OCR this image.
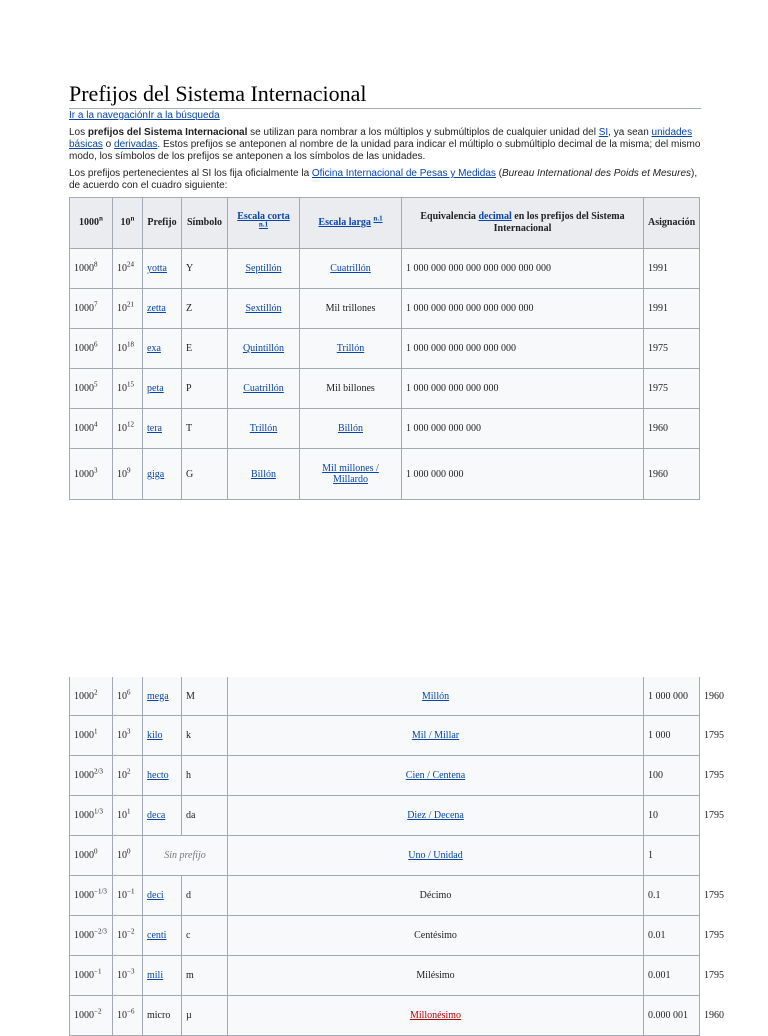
Prefijos del Sistema Internacional
Ir a la navegaciónIr a la búsqueda

Los prefijos del Sistema Internacional se utilizan para nombrar a los múltiplos y submúltiplos de cualquier unidad del SI, ya sean unidades básicas o derivadas. Estos prefijos se anteponen al nombre de la unidad para indicar el múltiplo o submúltiplo decimal de la misma; del mismo modo, los símbolos de los prefijos se anteponen a los símbolos de las unidades.

Los prefijos pertenecientes al SI los fija oficialmente la Oficina Internacional de Pesas y Medidas (Bureau International des Poids et Mesures), de acuerdo con el cuadro siguiente:

1000$^n$	10$^n$	Prefijo	Símbolo	Escala corta $^{n.1}$	Escala larga $^{n.1}$	Equivalencia decimal en los prefijos del Sistema Internacional	Asignación
1000$^8$	$10^{24}$	yotta	Y	Septillón	Cuatrillón	1 000 000 000 000 000 000 000 000	1991
1000$^7$	$10^{21}$	zetta	Z	Sextillón	Mil trillones	1 000 000 000 000 000 000 000	1991
1000$^6$	$10^{18}$	exa	E	Quintillón	Trillón	1 000 000 000 000 000 000	1975
1000$^5$	$10^{15}$	peta	P	Cuatrillón	Mil billones	1 000 000 000 000 000	1975
1000$^4$	$10^{12}$	tera	T	Trillón	Billón	1 000 000 000 000	1960
1000$^3$	$10^9$	giga	G	Billón	Mil millones / Millardo	1 000 000 000	1960
1000$^2$	$10^6$	mega	M	Millón	1 000 000	1960
1000$^1$	$10^3$	kilo	k	Mil / Millar	1 000	1795
$1000^{2/3}$	$10^2$	hecto	h	Cien / Centena	100	1795
$1000^{1/3}$	$10^1$	deca	da	Diez / Decena	10	1795
1000$^0$	$10^0$	Sin prefijo		Uno / Unidad	1	
$1000^{-1/3}$	$10^{-1}$	deci	d	Décimo	0.1	1795
$1000^{-2/3}$	$10^{-2}$	centi	c	Centésimo	0.01	1795
$1000^{-1}$	$10^{-3}$	mili	m	Milésimo	0.001	1795
$1000^{-2}$	$10^{-6}$	micro	µ	Millonésimo	0.000 001	1960
